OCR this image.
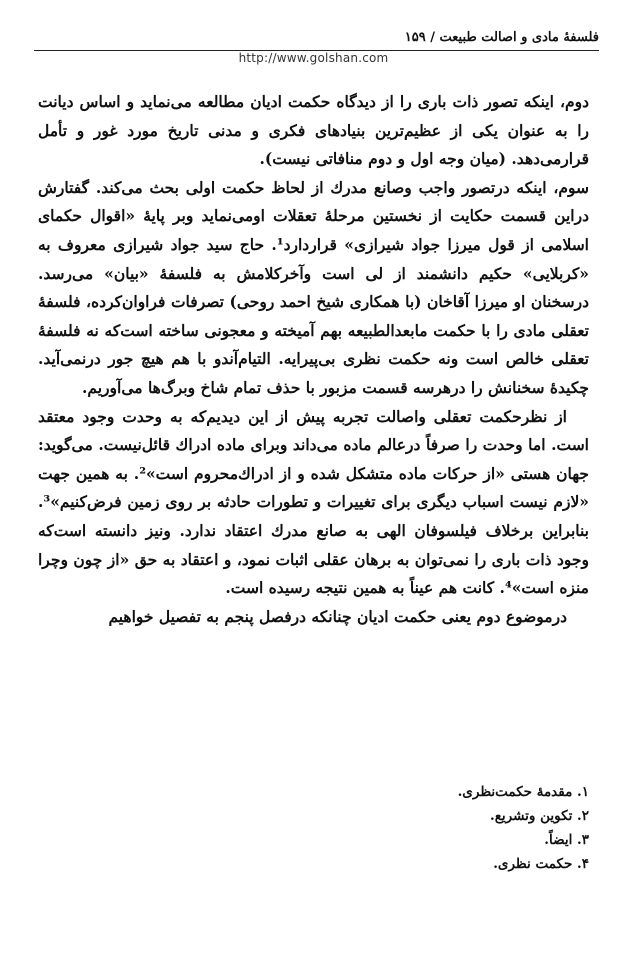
فلسفهٔ مادی و اصالت طبیعت / ۱۵۹
http://www.golshan.com

دوم، اینکه تصور ذات باری را از دیدگاه حکمت ادیان مطالعه می‌نماید و اساس دیانت را به عنوان یکی از عظیم‌ترین بنیادهای فکری و مدنی تاریخ مورد غور و تأمل قرارمی‌دهد. (میان وجه اول و دوم منافاتی نیست).

سوم، اینکه درتصور واجب وصانع مدرك از لحاظ حکمت اولی بحث می‌کند. گفتارش دراین قسمت حکایت از نخستین مرحلهٔ تعقلات اومی‌نماید وبر پایهٔ «اقوال حکمای اسلامی از قول میرزا جواد شیرازی» قراردارد¹. حاج سید جواد شیرازی معروف به «کربلایی» حکیم دانشمند از لی است وآخرکلامش به فلسفهٔ «بیان» می‌رسد. درسخنان او میرزا آقاخان (با همکاری شیخ احمد روحی) تصرفات فراوان‌کرده، فلسفهٔ تعقلی مادی را با حکمت مابعدالطبیعه بهم آمیخته و معجونی ساخته است‌که نه فلسفهٔ تعقلی خالص است ونه حکمت نظری بی‌پیرایه. التیام‌آندو با هم هیچ جور درنمی‌آید. چکیدهٔ سخنانش را درهرسه قسمت مزبور با حذف تمام شاخ وبرگ‌ها می‌آوریم.

از نظرحکمت تعقلی واصالت تجربه پیش از این دیدیم‌که به وحدت وجود معتقد است. اما وحدت را صرفاً درعالم ماده می‌داند وبرای ماده ادراك قائل‌نیست. می‌گوید: جهان هستی «از حرکات ماده متشکل شده و از ادراك‌محروم است»². به همین جهت «لازم نیست اسباب دیگری برای تغییرات و تطورات حادثه بر روی زمین فرض‌کنیم»³. بنابراین برخلاف فیلسوفان الهی به صانع مدرك اعتقاد ندارد. ونیز دانسته است‌که وجود ذات باری را نمی‌توان به برهان عقلی اثبات نمود، و اعتقاد به حق «از چون وچرا منزه است»⁴. کانت هم عیناً به همین نتیجه رسیده است.

درموضوع دوم یعنی حکمت ادیان چنانکه درفصل پنجم به تفصیل خواهیم

۱. مقدمهٔ حکمت‌نظری.
۲. تکوین وتشریع.
۳. ایضاً.
۴. حکمت نظری.
